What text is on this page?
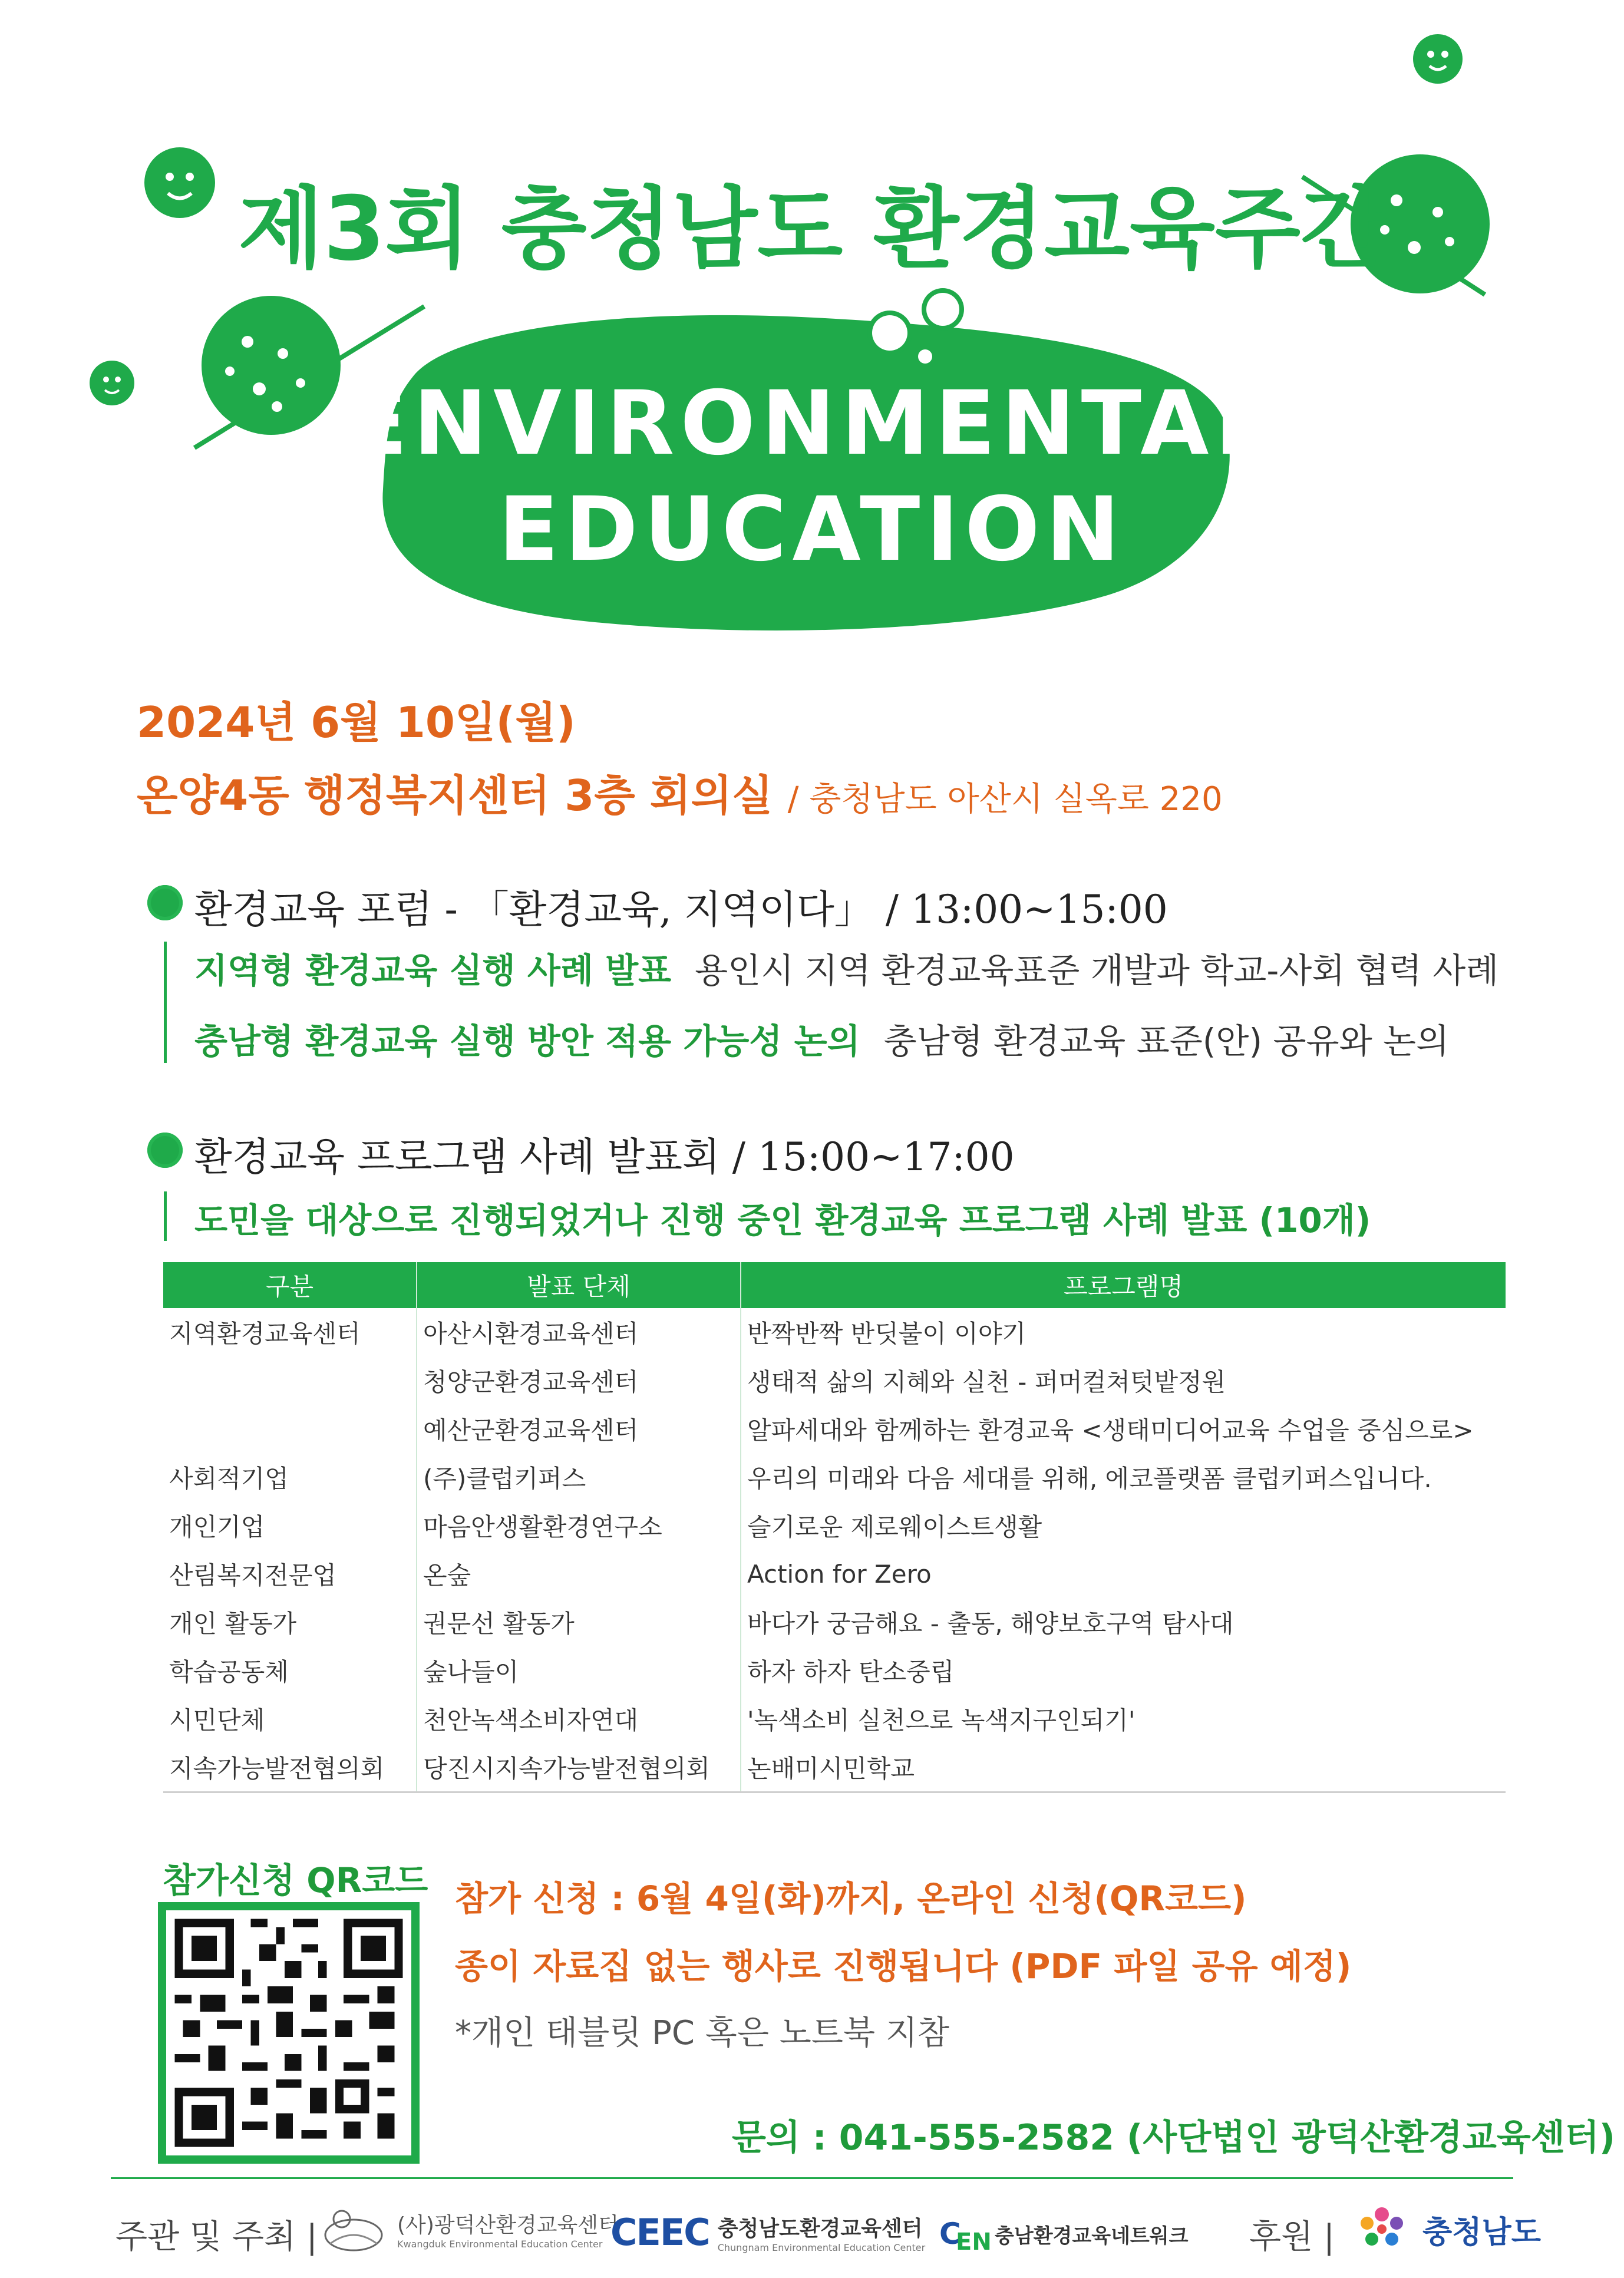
제3회 충청남도 환경교육주간
ENVIRONMENTAL
EDUCATION
2024년 6월 10일(월)
온양4동 행정복지센터 3층 회의실 / 충청남도 아산시 실옥로 220
환경교육 포럼 - 「환경교육, 지역이다」 / 13:00~15:00
지역형 환경교육 실행 사례 발표 용인시 지역 환경교육표준 개발과 학교-사회 협력 사례
충남형 환경교육 실행 방안 적용 가능성 논의 충남형 환경교육 표준(안) 공유와 논의
환경교육 프로그램 사례 발표회 / 15:00~17:00
도민을 대상으로 진행되었거나 진행 중인 환경교육 프로그램 사례 발표 (10개)
구분	발표 단체	프로그램명
지역환경교육센터	아산시환경교육센터	반짝반짝 반딧불이 이야기
	청양군환경교육센터	생태적 삶의 지혜와 실천 - 퍼머컬쳐텃밭정원
	예산군환경교육센터	알파세대와 함께하는 환경교육 <생태미디어교육 수업을 중심으로>
사회적기업	(주)클럽키퍼스	우리의 미래와 다음 세대를 위해, 에코플랫폼 클럽키퍼스입니다.
개인기업	마음안생활환경연구소	슬기로운 제로웨이스트생활
산림복지전문업	온숲	Action for Zero
개인 활동가	권문선 활동가	바다가 궁금해요 - 출동, 해양보호구역 탐사대
학습공동체	숲나들이	하자 하자 탄소중립
시민단체	천안녹색소비자연대	'녹색소비 실천으로 녹색지구인되기'
지속가능발전협의회	당진시지속가능발전협의회	논배미시민학교
참가신청 QR코드 참가 신청 : 6월 4일(화)까지, 온라인 신청(QR코드)
종이 자료집 없는 행사로 진행됩니다 (PDF 파일 공유 예정)
*개인 태블릿 PC 혹은 노트북 지참
문의 : 041-555-2582 (사단법인 광덕산환경교육센터)
주관 및 주최 |	(사)광덕산환경교육센터
Kwangduk Environmental Education Center CEEC 충청남도환경교육센터
Chungnam Environmental Education Center C
EN 충남환경교육네트워크 후원 |	충청남도
